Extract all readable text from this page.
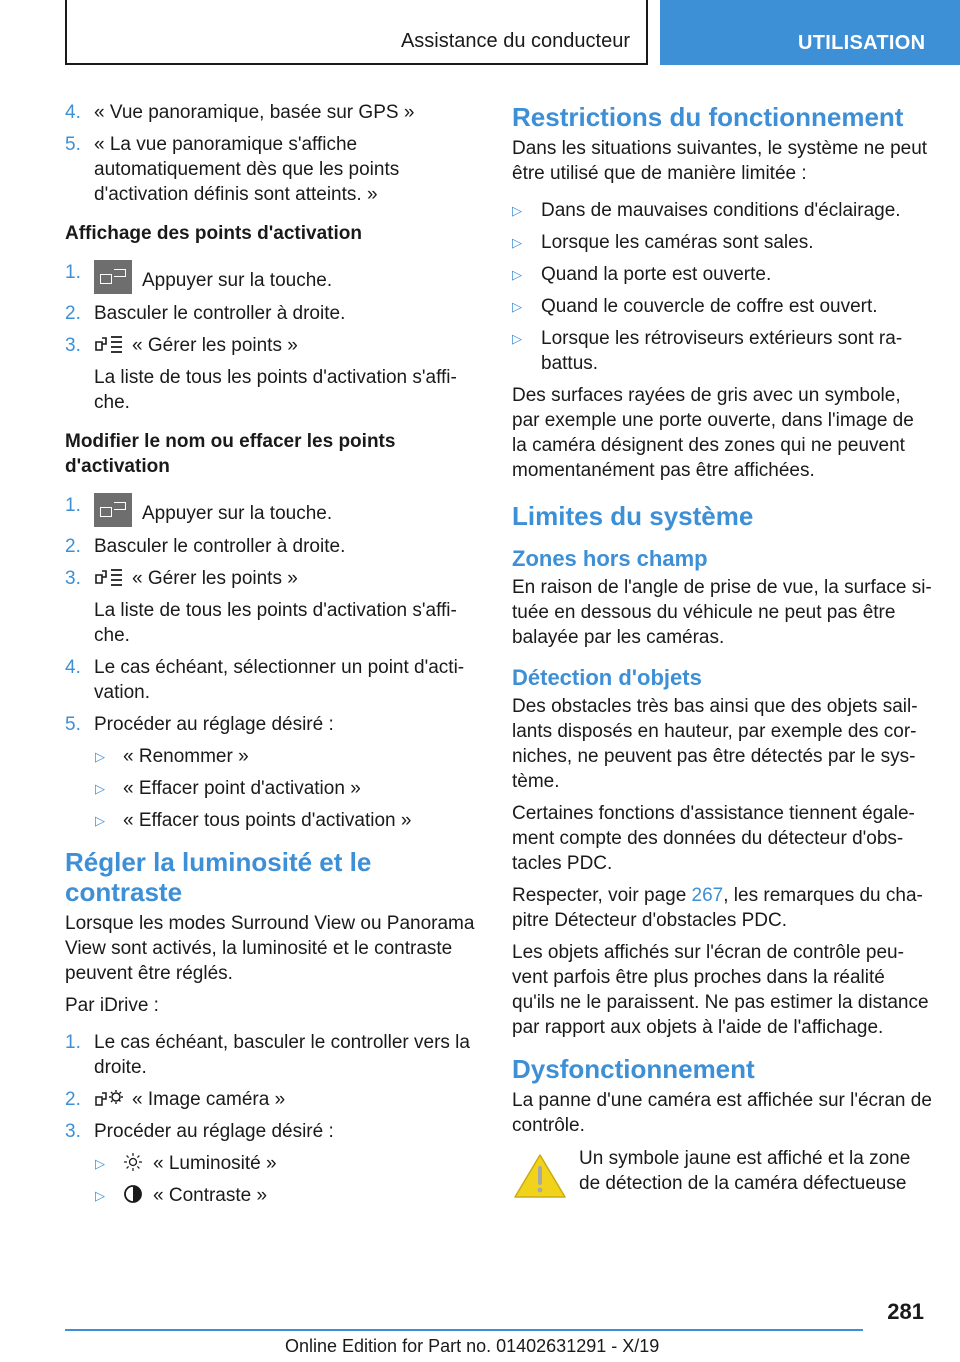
Assistance du conducteur	UTILISATION
4. « Vue panoramique, basée sur GPS »
5. « La vue panoramique s'affiche automatiquement dès que les points d'activation définis sont atteints. »
Affichage des points d'activation
1.	Appuyer sur la touche.
2. Basculer le controller à droite.
3.	« Gérer les points »
La liste de tous les points d'activation s'affi-che.
Modifier le nom ou effacer les points d'activation
1.	Appuyer sur la touche.
2. Basculer le controller à droite.
3.	« Gérer les points »
La liste de tous les points d'activation s'affi-che.
4. Le cas échéant, sélectionner un point d'acti-vation.
5. Procéder au réglage désiré :
▷ « Renommer »
▷ « Effacer point d'activation »
▷ « Effacer tous points d'activation »
Régler la luminosité et le contraste
Lorsque les modes Surround View ou Panorama View sont activés, la luminosité et le contraste peuvent être réglés.
Par iDrive :
1. Le cas échéant, basculer le controller vers la droite.
2.	« Image caméra »
3. Procéder au réglage désiré :
▷	« Luminosité »
▷	« Contraste »
Restrictions du fonctionnement
Dans les situations suivantes, le système ne peut être utilisé que de manière limitée :
▷ Dans de mauvaises conditions d'éclairage.
▷ Lorsque les caméras sont sales.
▷ Quand la porte est ouverte.
▷ Quand le couvercle de coffre est ouvert.
▷ Lorsque les rétroviseurs extérieurs sont ra-battus.
Des surfaces rayées de gris avec un symbole, par exemple une porte ouverte, dans l'image de la caméra désignent des zones qui ne peuvent momentanément pas être affichées.
Limites du système
Zones hors champ
En raison de l'angle de prise de vue, la surface si-tuée en dessous du véhicule ne peut pas être balayée par les caméras.
Détection d'objets
Des obstacles très bas ainsi que des objets sail-lants disposés en hauteur, par exemple des cor-niches, ne peuvent pas être détectés par le sys-tème.
Certaines fonctions d'assistance tiennent égale-ment compte des données du détecteur d'obs-tacles PDC.
Respecter, voir page 267, les remarques du cha-pitre Détecteur d'obstacles PDC.
Les objets affichés sur l'écran de contrôle peu-vent parfois être plus proches dans la réalité qu'ils ne le paraissent. Ne pas estimer la distance par rapport aux objets à l'aide de l'affichage.
Dysfonctionnement
La panne d'une caméra est affichée sur l'écran de contrôle.
Un symbole jaune est affiché et la zone de détection de la caméra défectueuse
281
Online Edition for Part no. 01402631291 - X/19
